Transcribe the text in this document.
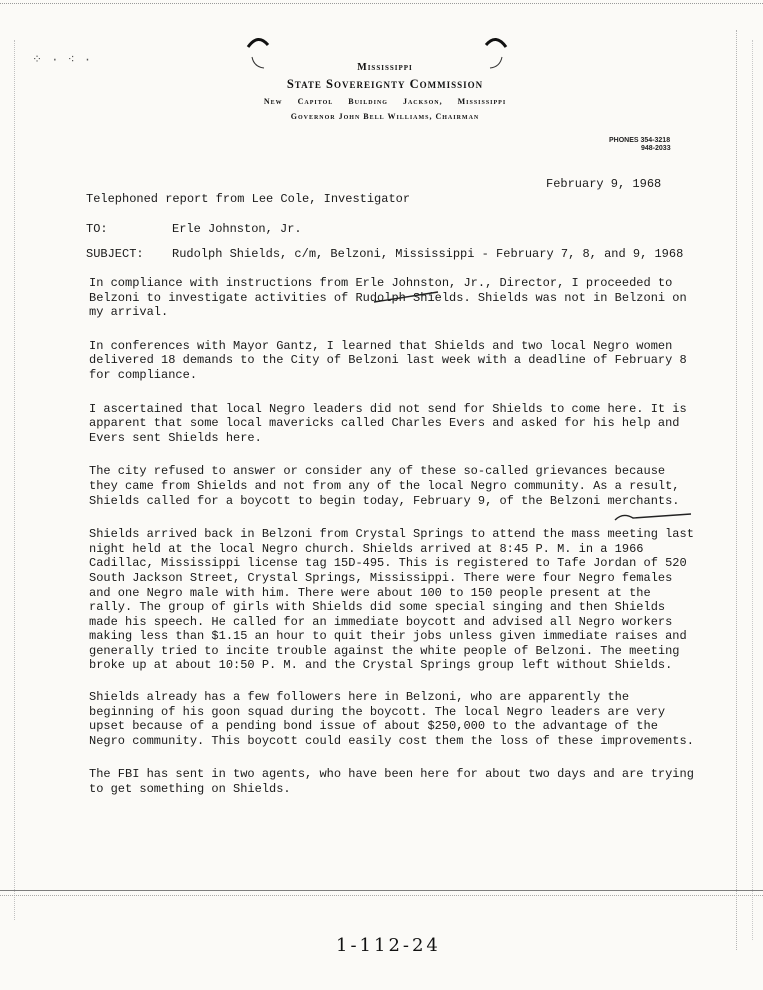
⁘ · ⁖ ·
Mississippi
State Sovereignty Commission
New Capitol Building Jackson, Mississippi
Governor John Bell Williams, Chairman
PHONES 354-3218
948-2033
February 9, 1968
Telephoned report from Lee Cole, Investigator
TO:	Erle Johnston, Jr.
SUBJECT: Rudolph Shields, c/m, Belzoni, Mississippi - February 7, 8, and 9, 1968

In compliance with instructions from Erle Johnston, Jr., Director, I proceeded to Belzoni to investigate activities of Rudolph Shields. Shields was not in Belzoni on my arrival.

In conferences with Mayor Gantz, I learned that Shields and two local Negro women delivered 18 demands to the City of Belzoni last week with a deadline of February 8 for compliance.

I ascertained that local Negro leaders did not send for Shields to come here. It is apparent that some local mavericks called Charles Evers and asked for his help and Evers sent Shields here.

The city refused to answer or consider any of these so-called grievances because they came from Shields and not from any of the local Negro community. As a result, Shields called for a boycott to begin today, February 9, of the Belzoni merchants.

Shields arrived back in Belzoni from Crystal Springs to attend the mass meeting last night held at the local Negro church. Shields arrived at 8:45 P. M. in a 1966 Cadillac, Mississippi license tag 15D-495. This is registered to Tafe Jordan of 520 South Jackson Street, Crystal Springs, Mississippi. There were four Negro females and one Negro male with him. There were about 100 to 150 people present at the rally. The group of girls with Shields did some special singing and then Shields made his speech. He called for an immediate boycott and advised all Negro workers making less than $1.15 an hour to quit their jobs unless given immediate raises and generally tried to incite trouble against the white people of Belzoni. The meeting broke up at about 10:50 P. M. and the Crystal Springs group left without Shields.

Shields already has a few followers here in Belzoni, who are apparently the beginning of his goon squad during the boycott. The local Negro leaders are very upset because of a pending bond issue of about $250,000 to the advantage of the Negro community. This boycott could easily cost them the loss of these improvements.

The FBI has sent in two agents, who have been here for about two days and are trying to get something on Shields.

1-112-24
